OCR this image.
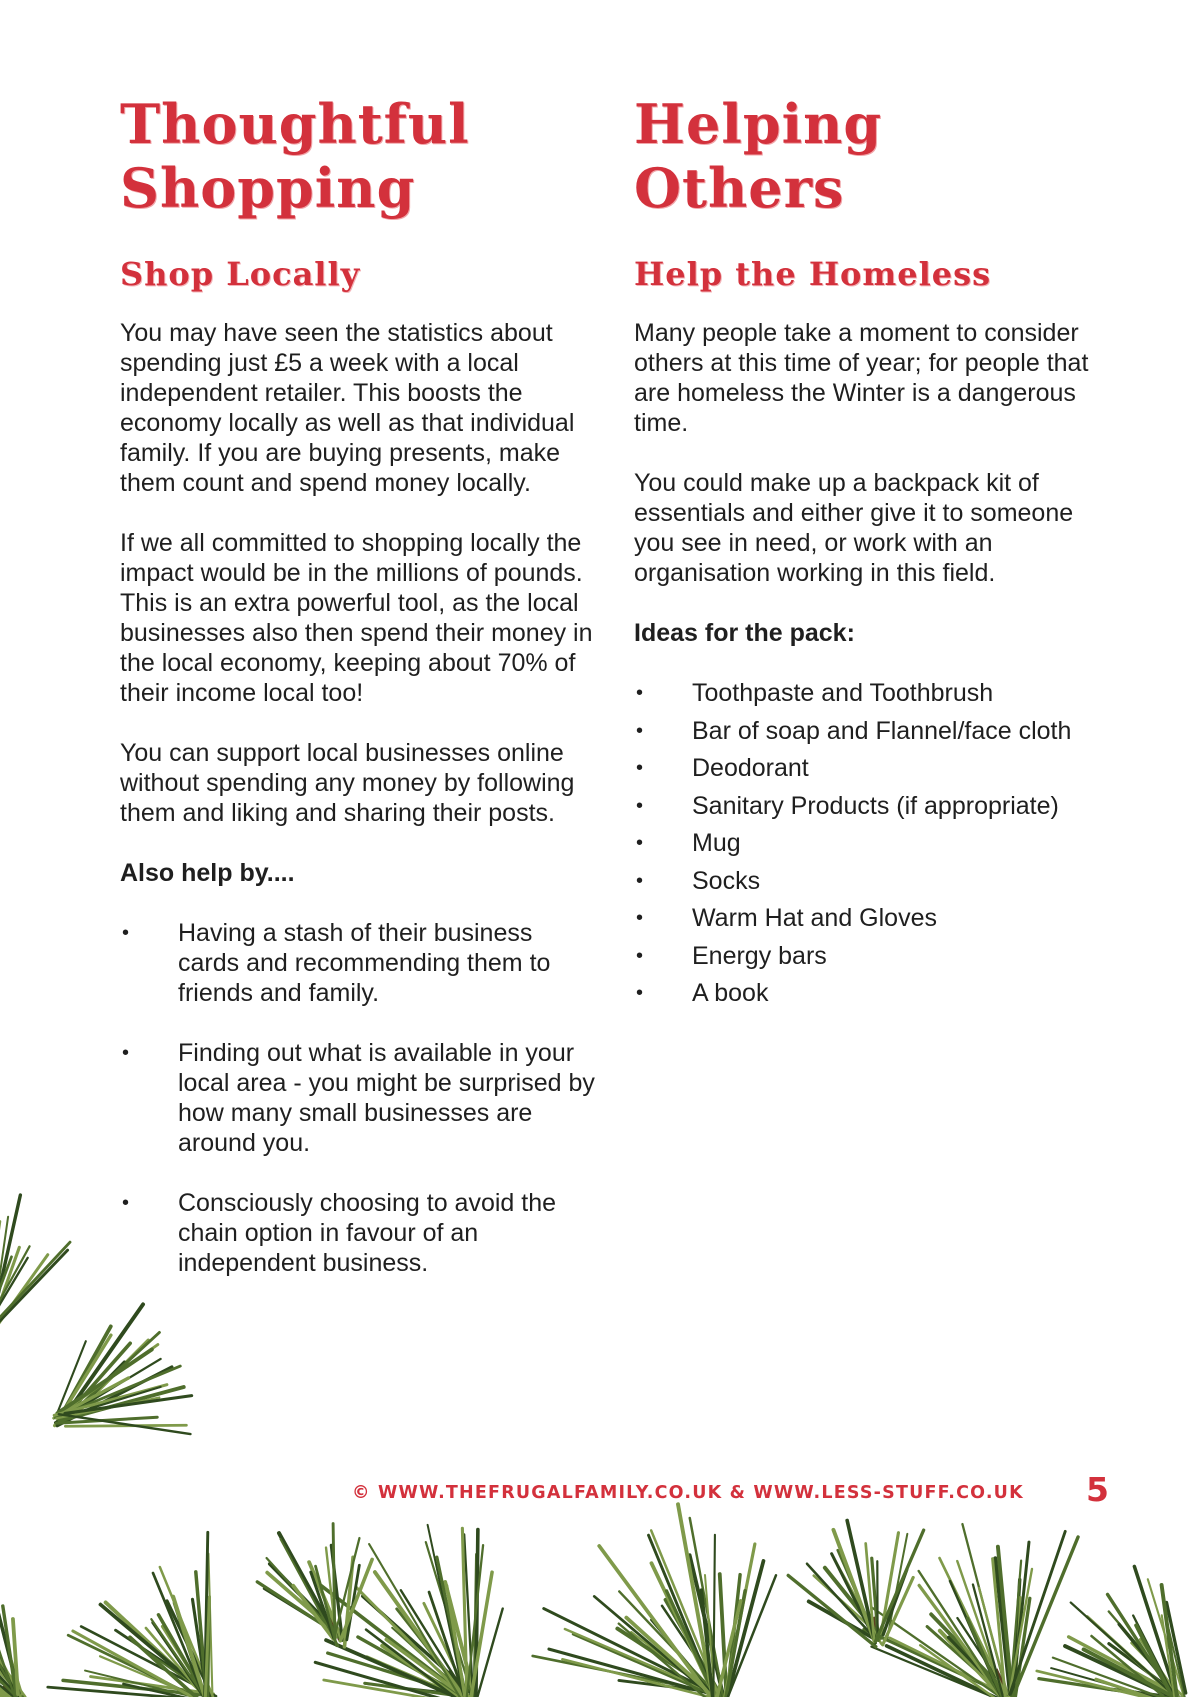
Thoughtful
Shopping
Shop Locally

You may have seen the statistics about spending just £5 a week with a local independent retailer. This boosts the economy locally as well as that individual family. If you are buying presents, make them count and spend money locally.

If we all committed to shopping locally the impact would be in the millions of pounds. This is an extra powerful tool, as the local businesses also then spend their money in the local economy, keeping about 70% of their income local too!

You can support local businesses online without spending any money by following them and liking and sharing their posts.

Also help by....

• Having a stash of their business cards and recommending them to friends and family.
• Finding out what is available in your local area - you might be surprised by how many small businesses are around you.
• Consciously choosing to avoid the chain option in favour of an independent business.
Helping
Others
Help the Homeless

Many people take a moment to consider others at this time of year; for people that are homeless the Winter is a dangerous time.

You could make up a backpack kit of essentials and either give it to someone you see in need, or work with an organisation working in this field.

Ideas for the pack:

• Toothpaste and Toothbrush
• Bar of soap and Flannel/face cloth
• Deodorant
• Sanitary Products (if appropriate)
• Mug
• Socks
• Warm Hat and Gloves
• Energy bars
• A book
© WWW.THEFRUGALFAMILY.CO.UK & WWW.LESS-STUFF.CO.UK 5
